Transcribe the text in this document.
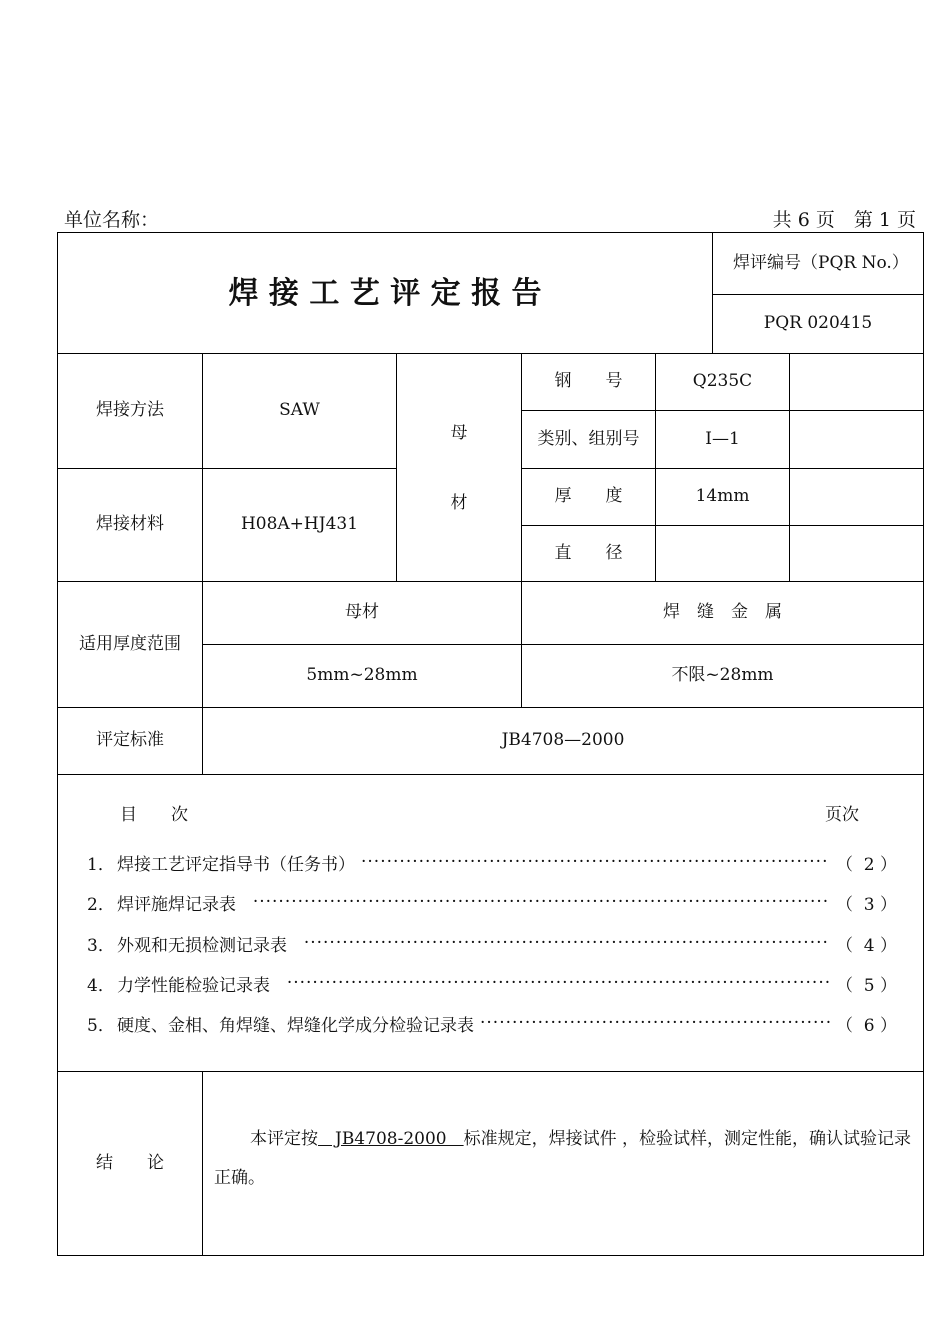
单位名称：	共 6 页　第 1 页
焊 接 工 艺 评 定 报 告
焊评编号（PQR No.）
PQR 020415
焊接方法	SAW
焊接材料	H08A+HJ431
母
材
钢　　号	Q235C
类别、组别号	I—1
厚　　度	14mm
直　　径
适用厚度范围
母材	焊　缝　金　属
5mm~28mm	不限~28mm
评定标准	JB4708—2000
目　　次	页次
1． 焊接工艺评定指导书（任务书） ·····	（  2 ）
2． 焊评施焊记录表 ·····	（  3 ）
3． 外观和无损检测记录表 ·····	（  4 ）
4． 力学性能检验记录表 ·····	（  5 ）
5． 硬度、金相、角焊缝、焊缝化学成分检验记录表 ·····	（  6 ）
结　　论
本评定按　JB4708-2000　标准规定，焊接试件 ，检验试样，测定性能，确认试验记录正确。
